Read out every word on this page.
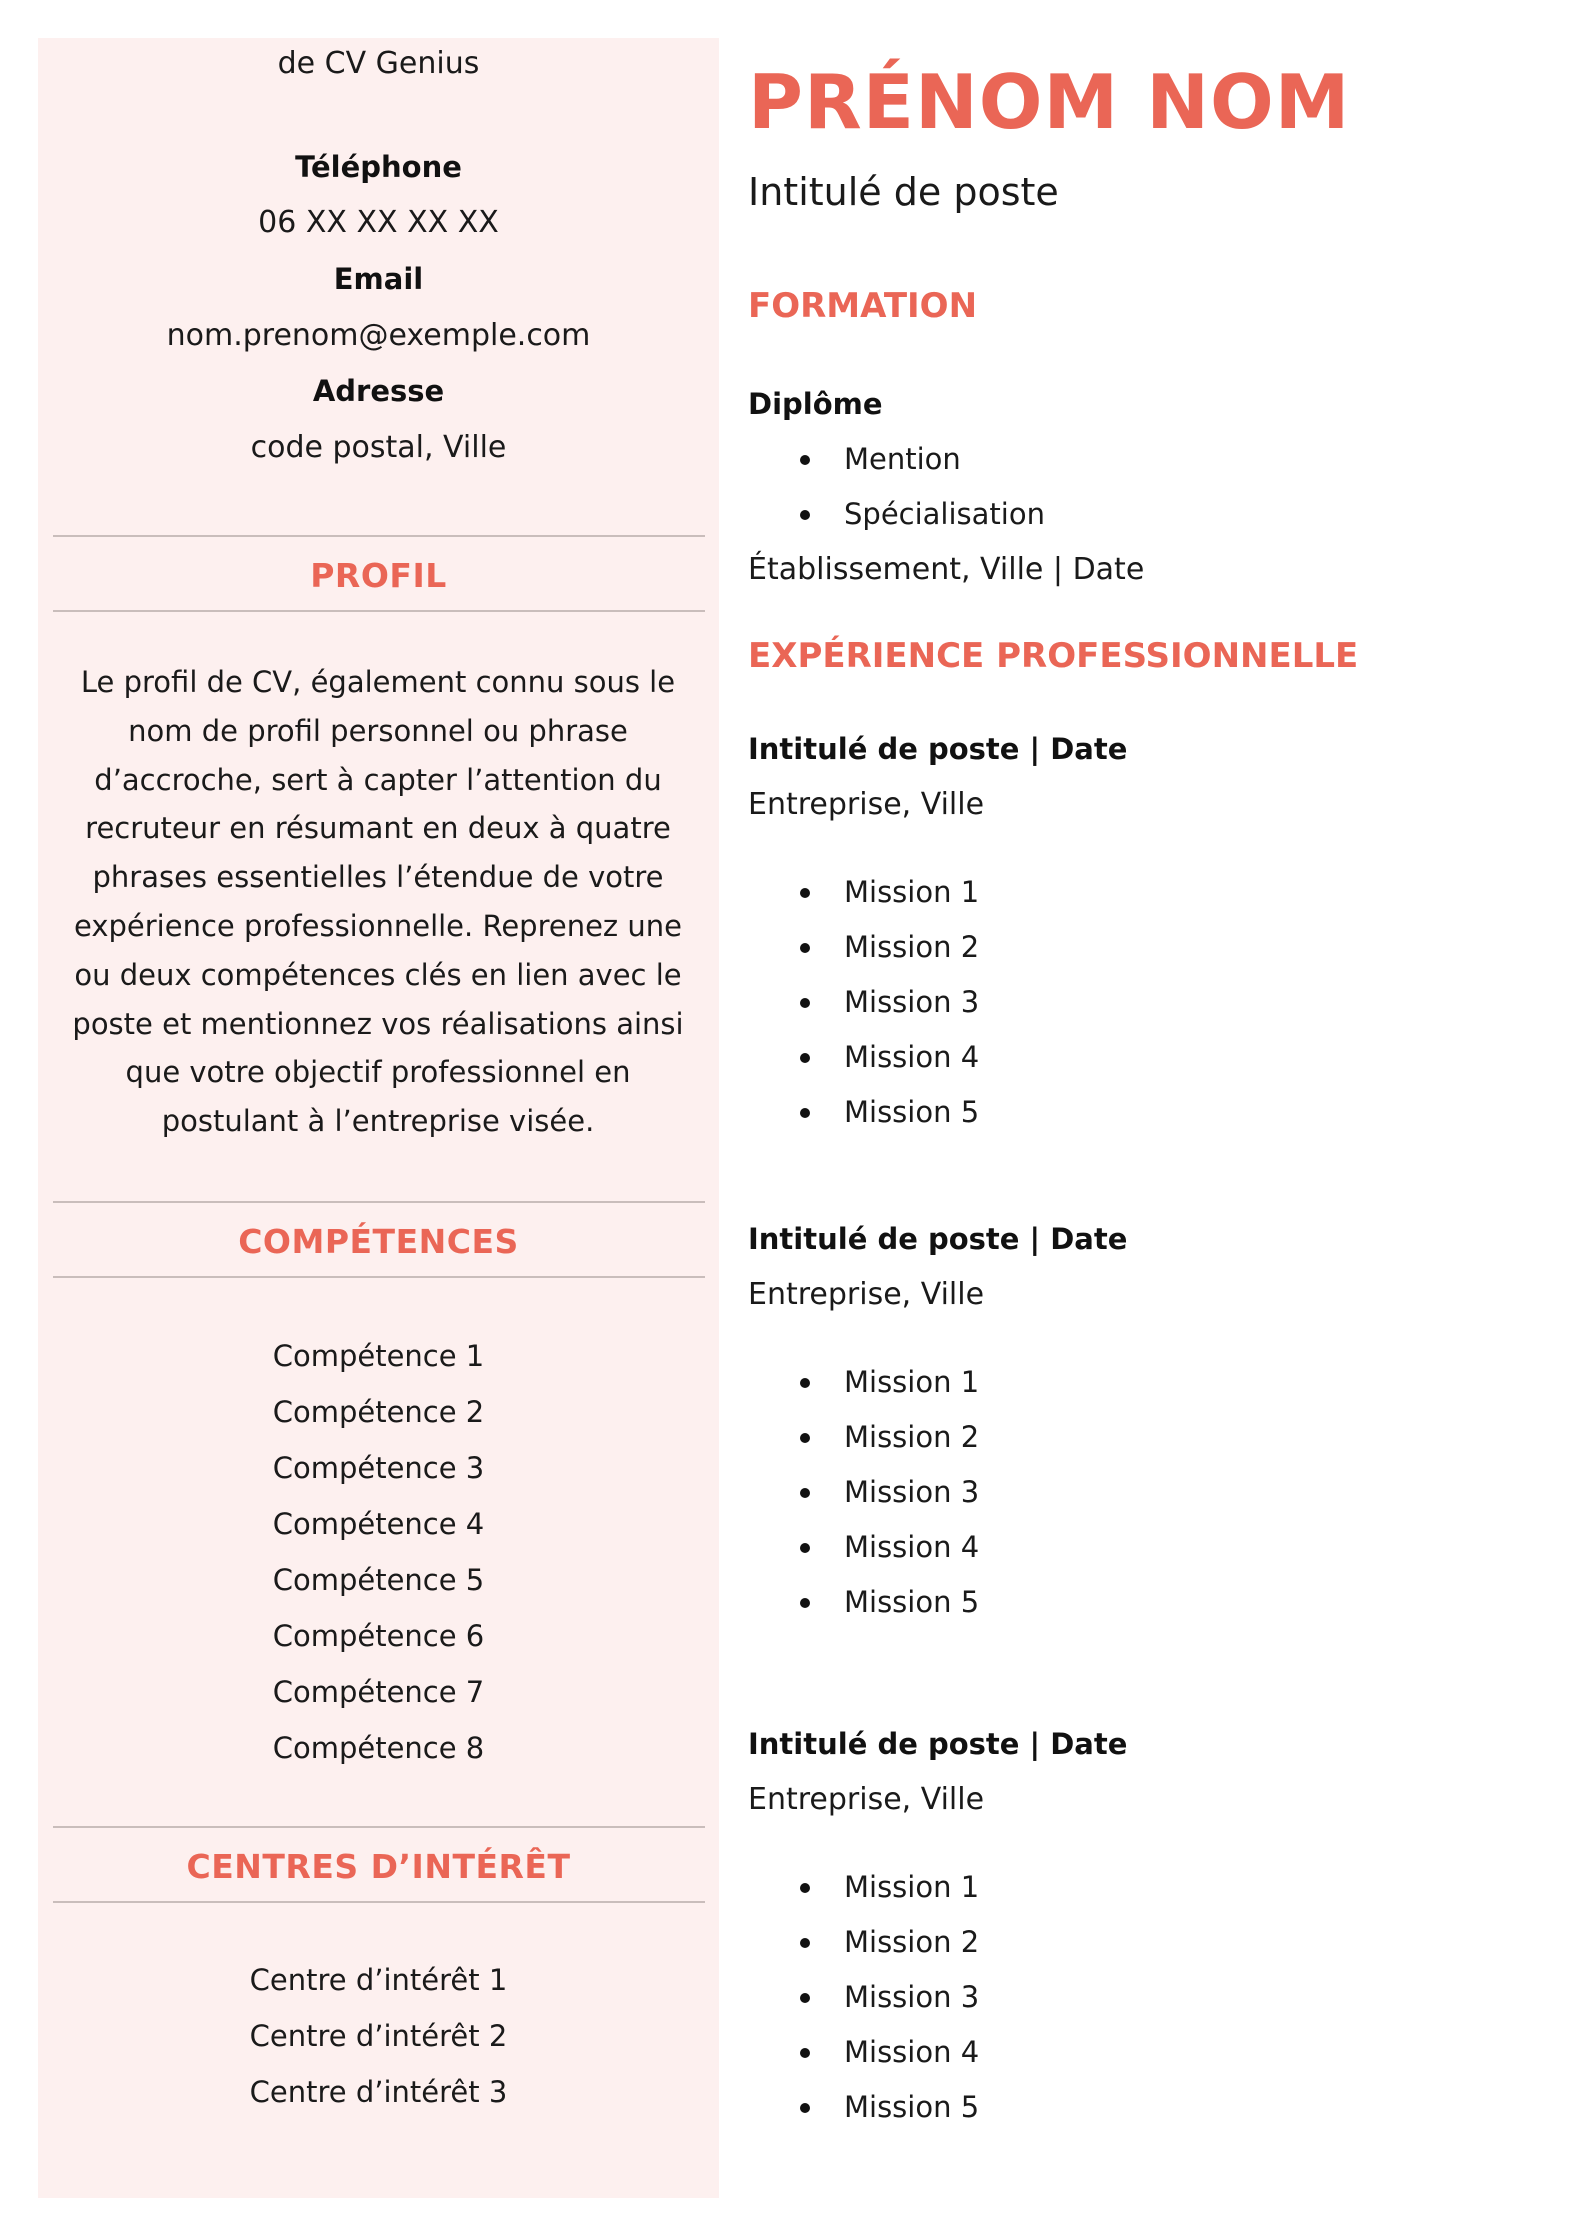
de CV Genius
Téléphone
06 XX XX XX XX
Email
nom.prenom@exemple.com
Adresse
code postal, Ville
PROFIL

Le profil de CV, également connu sous le nom de profil personnel ou phrase d’accroche, sert à capter l’attention du recruteur en résumant en deux à quatre phrases essentielles l’étendue de votre expérience professionnelle. Reprenez une ou deux compétences clés en lien avec le poste et mentionnez vos réalisations ainsi que votre objectif professionnel en postulant à l’entreprise visée.

COMPÉTENCES
Compétence 1
Compétence 2
Compétence 3
Compétence 4
Compétence 5
Compétence 6
Compétence 7
Compétence 8
CENTRES D’INTÉRÊT
Centre d’intérêt 1
Centre d’intérêt 2
Centre d’intérêt 3
PRÉNOM NOM
Intitulé de poste
FORMATION
Diplôme
Mention
Spécialisation
Établissement, Ville | Date
EXPÉRIENCE PROFESSIONNELLE
Intitulé de poste | Date
Entreprise, Ville
Mission 1
Mission 2
Mission 3
Mission 4
Mission 5
Intitulé de poste | Date
Entreprise, Ville
Mission 1
Mission 2
Mission 3
Mission 4
Mission 5
Intitulé de poste | Date
Entreprise, Ville
Mission 1
Mission 2
Mission 3
Mission 4
Mission 5
